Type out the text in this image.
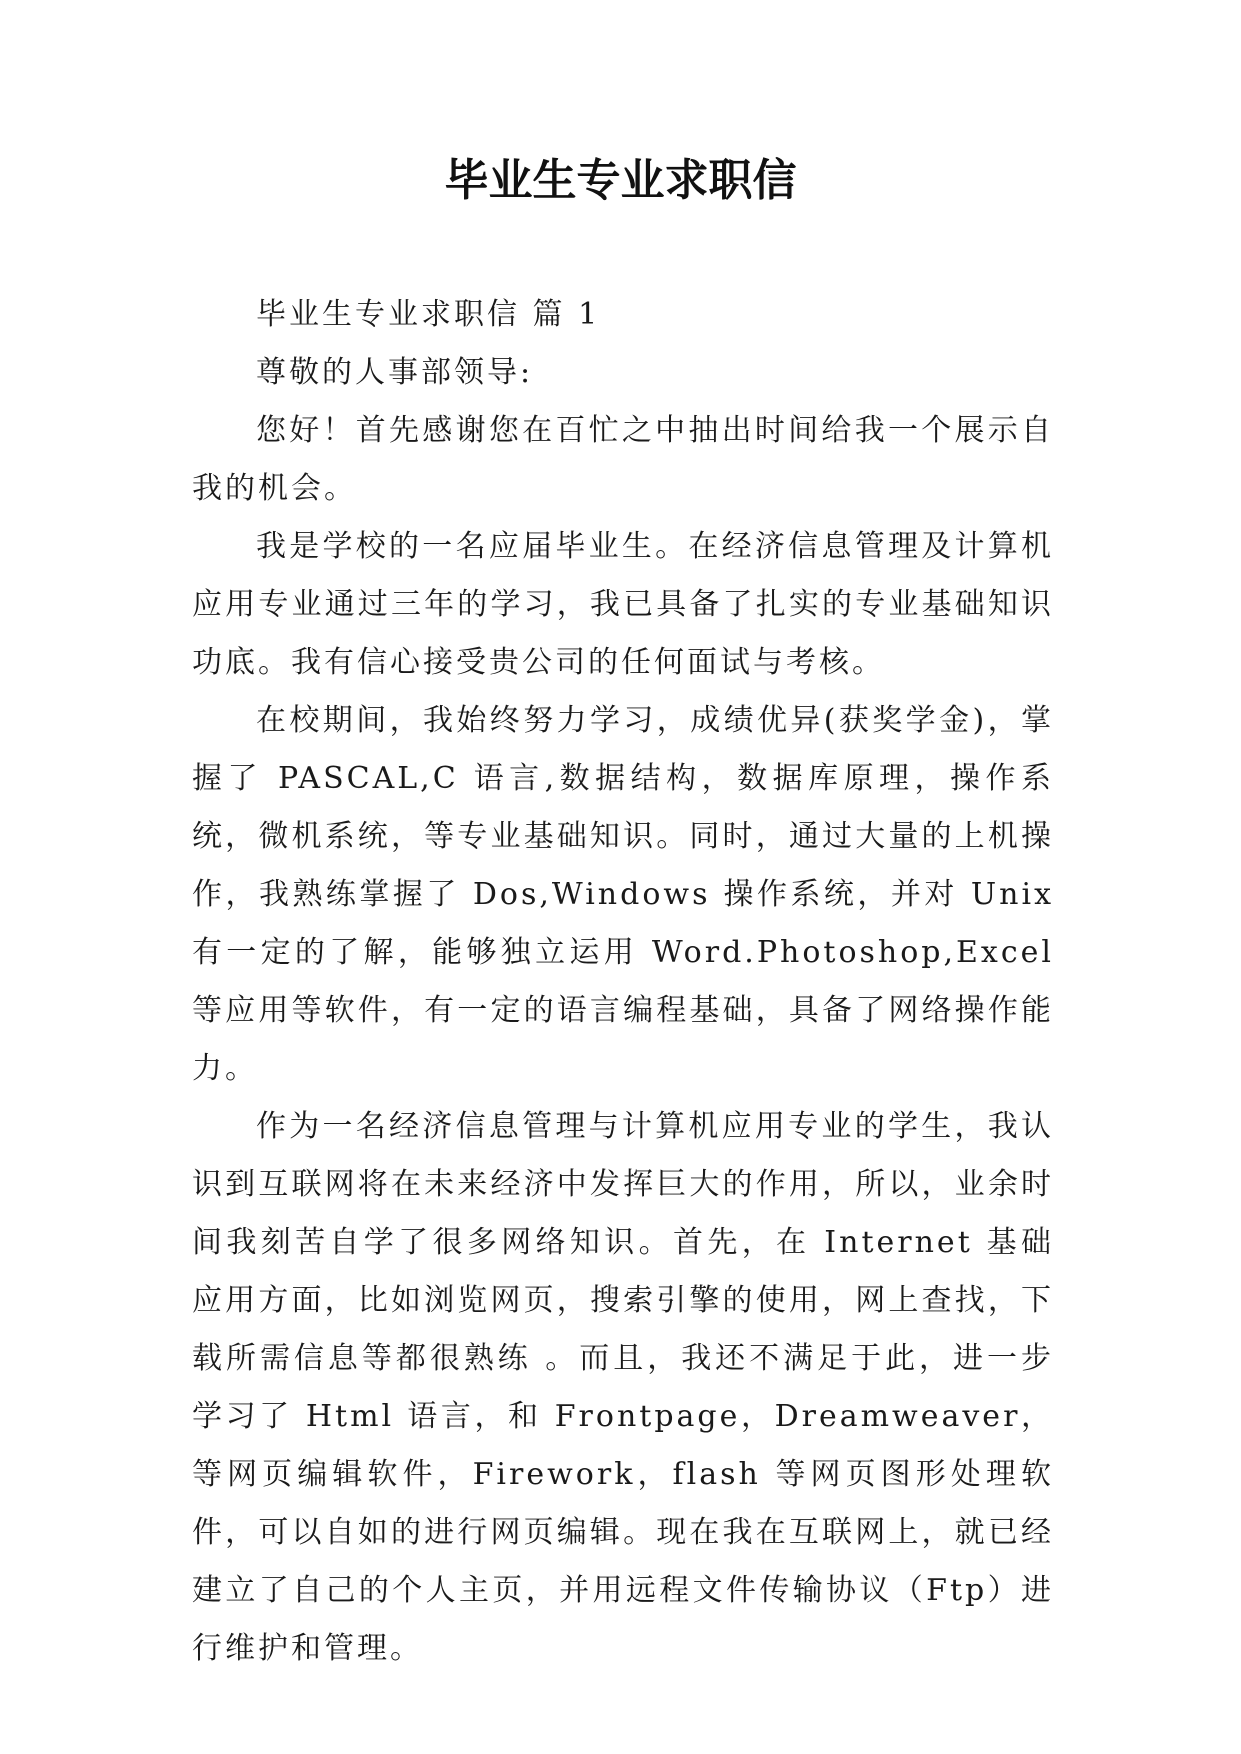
毕业生专业求职信

毕业生专业求职信 篇 1

尊敬的人事部领导:

您好！首先感谢您在百忙之中抽出时间给我一个展示自我的机会。

我是学校的一名应届毕业生。在经济信息管理及计算机应用专业通过三年的学习，我已具备了扎实的专业基础知识功底。我有信心接受贵公司的任何面试与考核。

在校期间，我始终努力学习，成绩优异(获奖学金)，掌握了 PASCAL,C 语言,数据结构，数据库原理，操作系统，微机系统，等专业基础知识。同时，通过大量的上机操作，我熟练掌握了 Dos,Windows 操作系统，并对 Unix 有一定的了解，能够独立运用 Word.Photoshop,Excel 等应用等软件，有一定的语言编程基础，具备了网络操作能力。

作为一名经济信息管理与计算机应用专业的学生，我认识到互联网将在未来经济中发挥巨大的作用，所以，业余时间我刻苦自学了很多网络知识。首先，在 Internet 基础应用方面，比如浏览网页，搜索引擎的使用，网上查找，下载所需信息等都很熟练 。而且，我还不满足于此，进一步学习了 Html 语言，和 Frontpage，Dreamweaver，等网页编辑软件，Firework，flash 等网页图形处理软件，可以自如的进行网页编辑。现在我在互联网上，就已经建立了自己的个人主页，并用远程文件传输协议（Ftp）进行维护和管理。
